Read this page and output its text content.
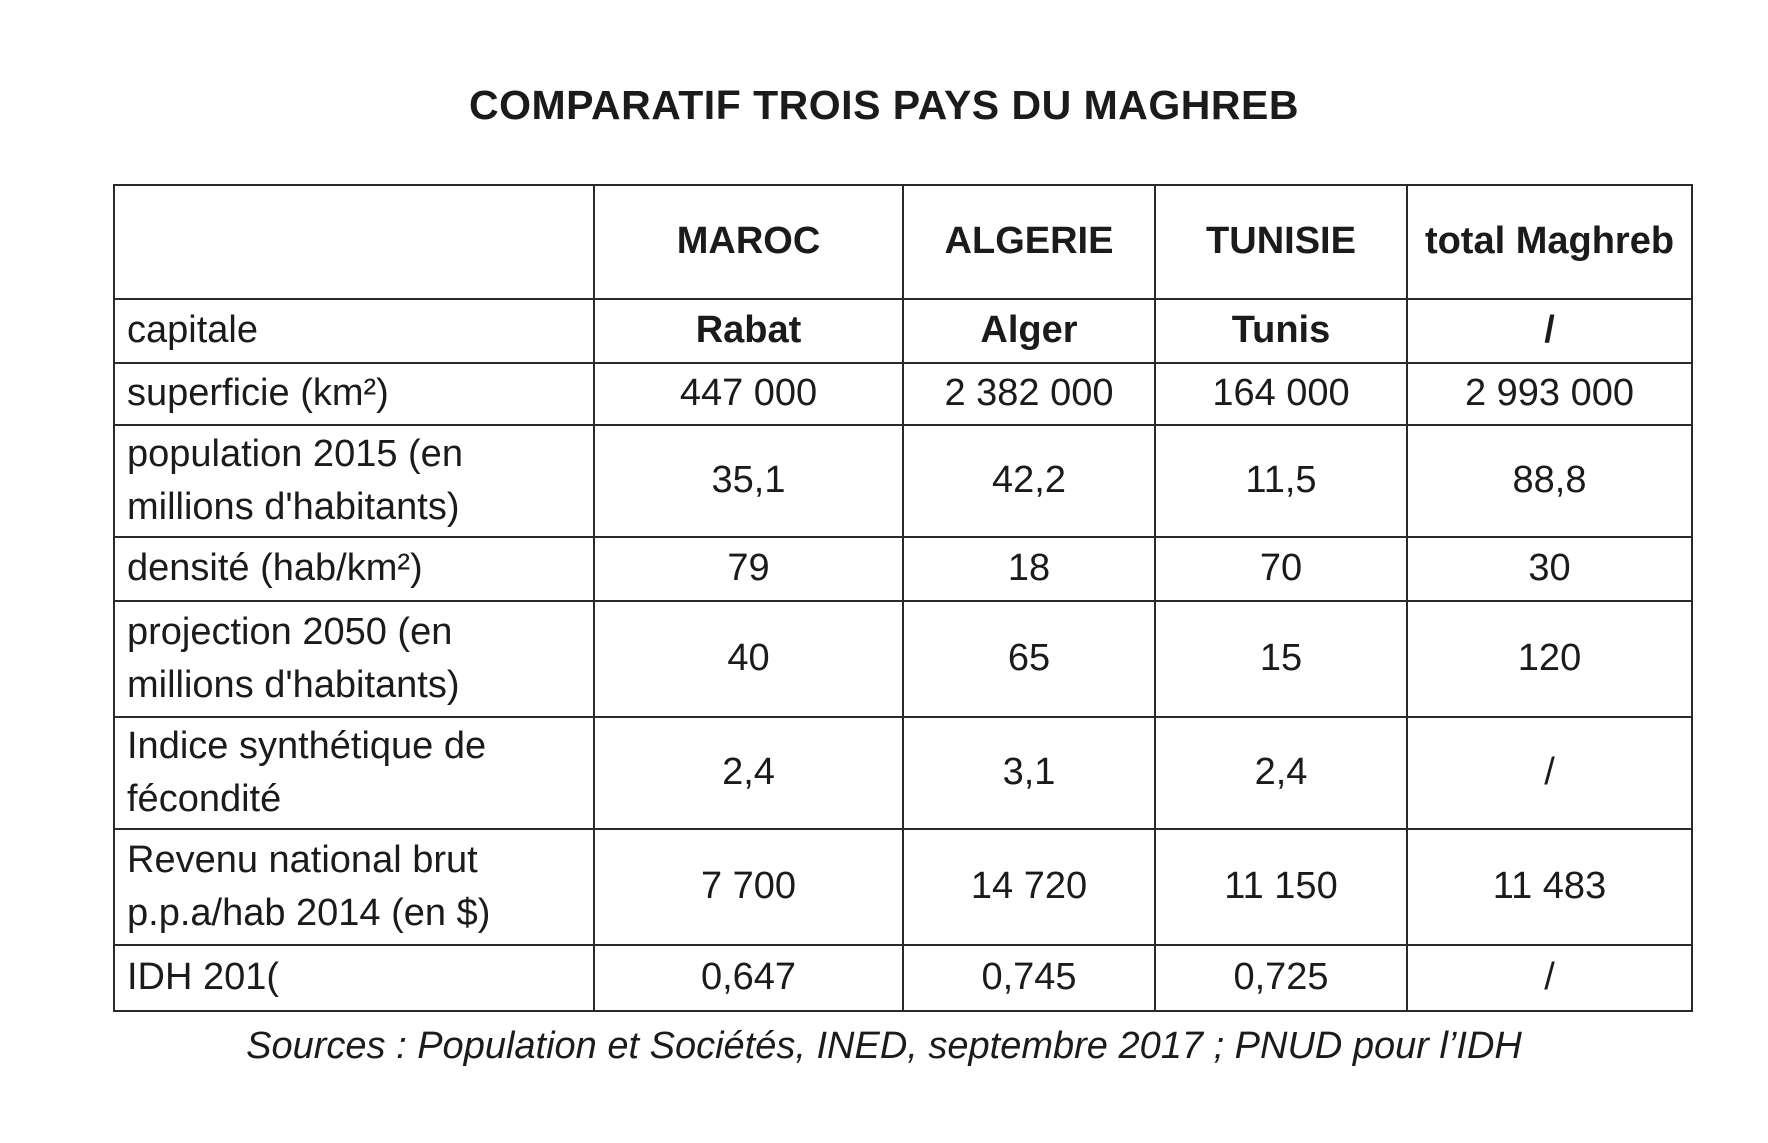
COMPARATIF TROIS PAYS DU MAGHREB
	MAROC	ALGERIE	TUNISIE	total Maghreb
capitale	Rabat	Alger	Tunis	/
superficie (km²)	447 000	2 382 000	164 000	2 993 000
population 2015 (en millions d'habitants)	35,1	42,2	11,5	88,8
densité (hab/km²)	79	18	70	30
projection 2050 (en millions d'habitants)	40	65	15	120
Indice synthétique de fécondité	2,4	3,1	2,4	/
Revenu national brut p.p.a/hab 2014 (en $)	7 700	14 720	11 150	11 483
IDH 201(	0,647	0,745	0,725	/

Sources : Population et Sociétés, INED, septembre 2017 ; PNUD pour l’IDH
